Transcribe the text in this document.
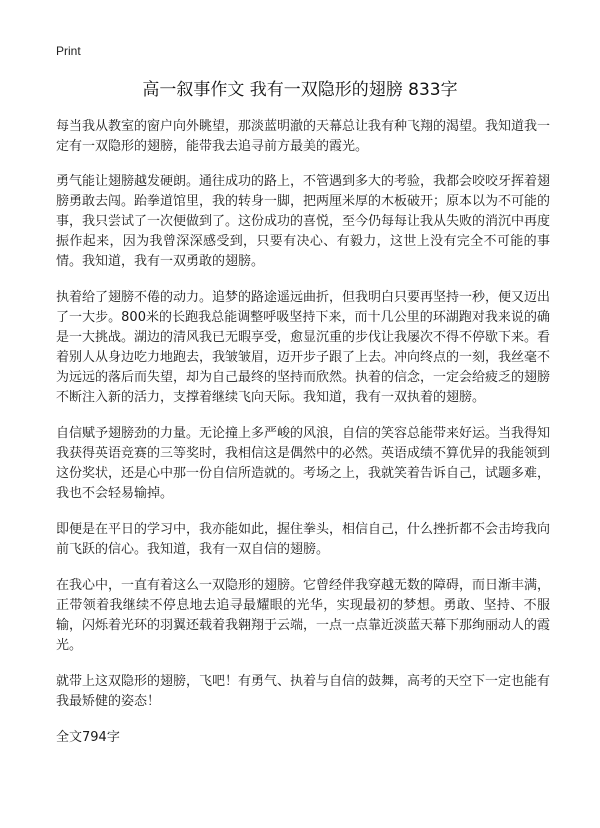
Print
高一叙事作文 我有一双隐形的翅膀 833字

每当我从教室的窗户向外眺望，那淡蓝明澈的天幕总让我有种飞翔的渴望。我知道我一定有一双隐形的翅膀，能带我去追寻前方最美的霞光。

勇气能让翅膀越发硬朗。通往成功的路上，不管遇到多大的考验，我都会咬咬牙挥着翅膀勇敢去闯。跆拳道馆里，我的转身一脚，把两厘米厚的木板破开；原本以为不可能的事，我只尝试了一次便做到了。这份成功的喜悦，至今仍每每让我从失败的消沉中再度振作起来，因为我曾深深感受到，只要有决心、有毅力，这世上没有完全不可能的事情。我知道，我有一双勇敢的翅膀。

执着给了翅膀不倦的动力。追梦的路途遥远曲折，但我明白只要再坚持一秒，便又迈出了一大步。800米的长跑我总能调整呼吸坚持下来，而十几公里的环湖跑对我来说的确是一大挑战。湖边的清风我已无暇享受，愈显沉重的步伐让我屡次不得不停歇下来。看着别人从身边吃力地跑去，我皱皱眉，迈开步子跟了上去。冲向终点的一刻，我丝毫不为远远的落后而失望，却为自己最终的坚持而欣然。执着的信念，一定会给疲乏的翅膀不断注入新的活力，支撑着继续飞向天际。我知道，我有一双执着的翅膀。

自信赋予翅膀劲的力量。无论撞上多严峻的风浪，自信的笑容总能带来好运。当我得知我获得英语竞赛的三等奖时，我相信这是偶然中的必然。英语成绩不算优异的我能领到这份奖状，还是心中那一份自信所造就的。考场之上，我就笑着告诉自己，试题多难，我也不会轻易输掉。

即便是在平日的学习中，我亦能如此，握住拳头，相信自己，什么挫折都不会击垮我向前飞跃的信心。我知道，我有一双自信的翅膀。

在我心中，一直有着这么一双隐形的翅膀。它曾经伴我穿越无数的障碍，而日渐丰满，正带领着我继续不停息地去追寻最耀眼的光华，实现最初的梦想。勇敢、坚持、不服输，闪烁着光环的羽翼还载着我翱翔于云端，一点一点靠近淡蓝天幕下那绚丽动人的霞光。

就带上这双隐形的翅膀，飞吧！有勇气、执着与自信的鼓舞，高考的天空下一定也能有我最矫健的姿态！

全文794字
